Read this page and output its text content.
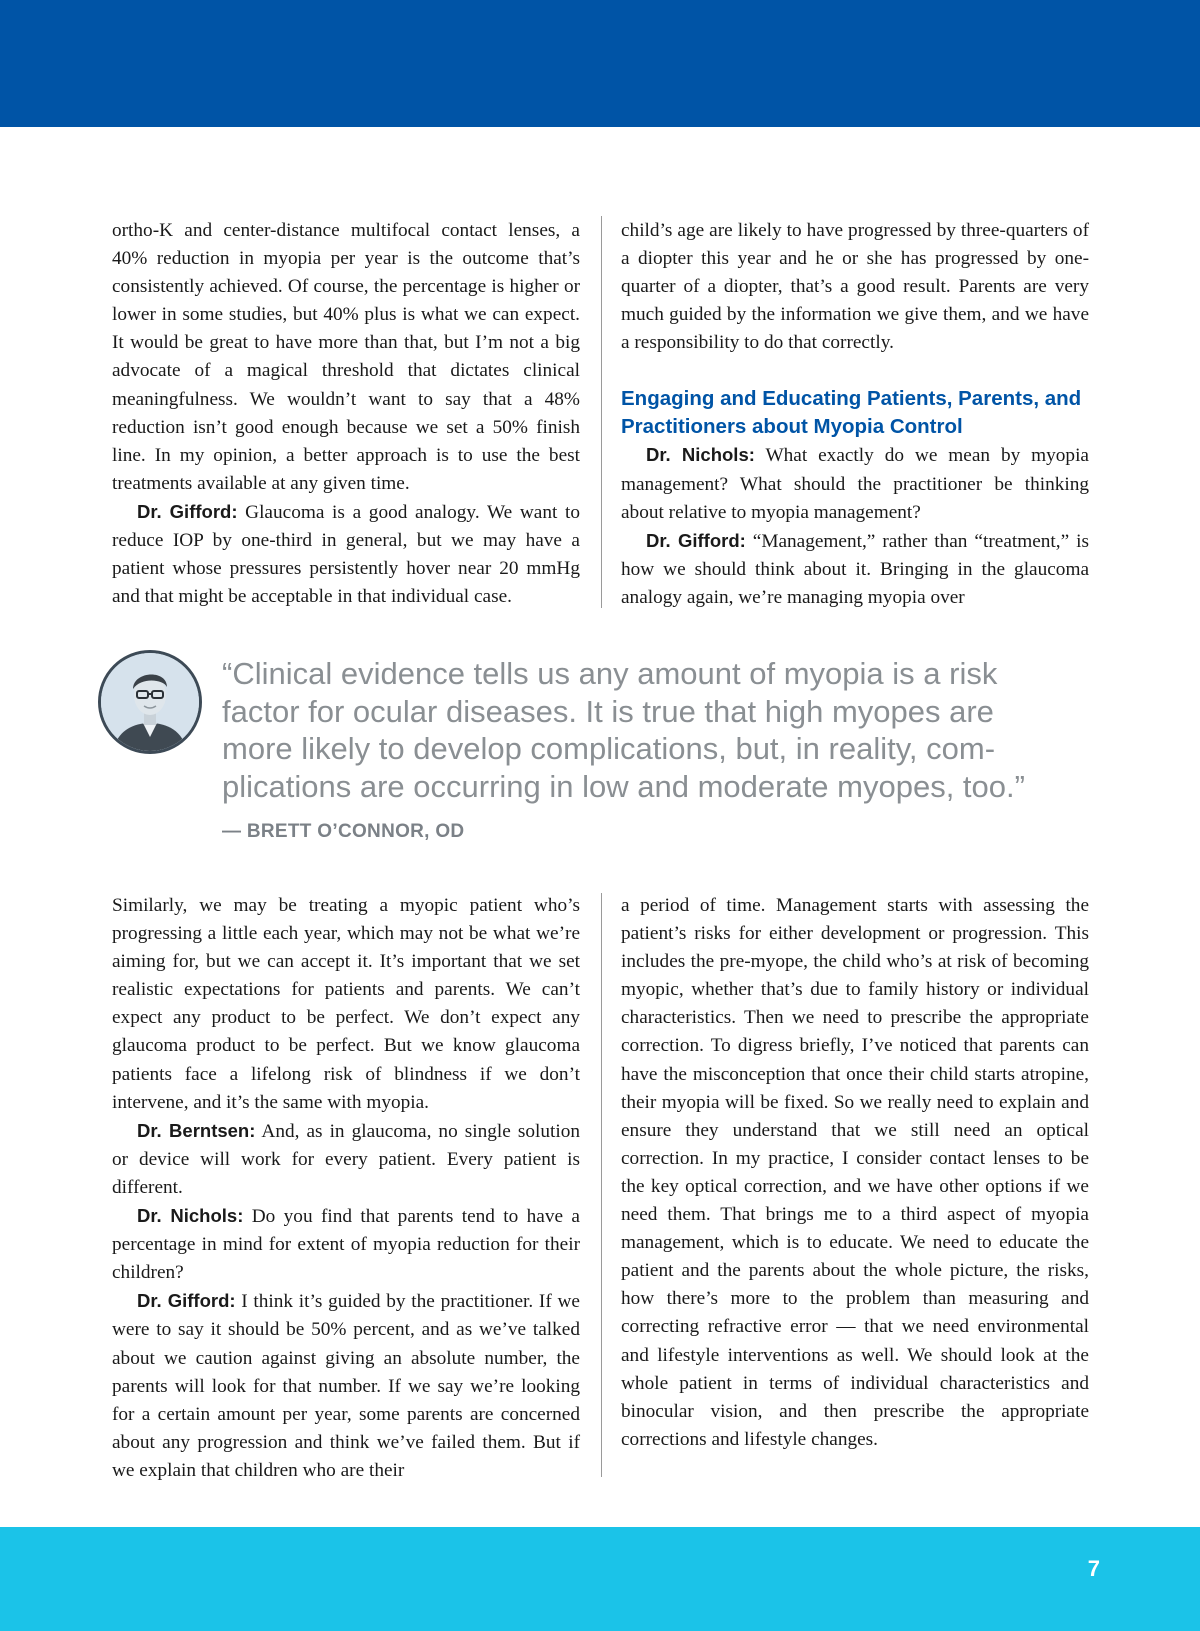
ortho-K and center-distance multifocal contact lenses, a 40% reduction in myopia per year is the outcome that’s consistently achieved. Of course, the percentage is higher or lower in some studies, but 40% plus is what we can expect. It would be great to have more than that, but I’m not a big advocate of a magical threshold that dictates clinical meaningfulness. We wouldn’t want to say that a 48% reduction isn’t good enough because we set a 50% finish line. In my opinion, a better approach is to use the best treatments available at any given time.

Dr. Gifford: Glaucoma is a good analogy. We want to reduce IOP by one-third in general, but we may have a patient whose pressures persistently hover near 20 mmHg and that might be acceptable in that individual case.

child’s age are likely to have progressed by three-quarters of a diopter this year and he or she has progressed by one-quarter of a diopter, that’s a good result. Parents are very much guided by the information we give them, and we have a responsibility to do that correctly.

Engaging and Educating Patients, Parents, and Practitioners about Myopia Control

Dr. Nichols: What exactly do we mean by myopia management? What should the practitioner be thinking about relative to myopia management?

Dr. Gifford: “Management,” rather than “treatment,” is how we should think about it. Bringing in the glaucoma analogy again, we’re managing myopia over

“Clinical evidence tells us any amount of myopia is a risk factor for ocular diseases. It is true that high myopes are more likely to develop complications, but, in reality, com-plications are occurring in low and moderate myopes, too.”

— BRETT O’CONNOR, OD

Similarly, we may be treating a myopic patient who’s progressing a little each year, which may not be what we’re aiming for, but we can accept it. It’s important that we set realistic expectations for patients and parents. We can’t expect any product to be perfect. We don’t expect any glaucoma product to be perfect. But we know glaucoma patients face a lifelong risk of blindness if we don’t intervene, and it’s the same with myopia.

Dr. Berntsen: And, as in glaucoma, no single solution or device will work for every patient. Every patient is different.

Dr. Nichols: Do you find that parents tend to have a percentage in mind for extent of myopia reduction for their children?

Dr. Gifford: I think it’s guided by the practitioner. If we were to say it should be 50% percent, and as we’ve talked about we caution against giving an absolute number, the parents will look for that number. If we say we’re looking for a certain amount per year, some parents are concerned about any progression and think we’ve failed them. But if we explain that children who are their

a period of time. Management starts with assessing the patient’s risks for either development or progression. This includes the pre-myope, the child who’s at risk of becoming myopic, whether that’s due to family history or individual characteristics. Then we need to prescribe the appropriate correction. To digress briefly, I’ve noticed that parents can have the misconception that once their child starts atropine, their myopia will be fixed. So we really need to explain and ensure they understand that we still need an optical correction. In my practice, I consider contact lenses to be the key optical correction, and we have other options if we need them. That brings me to a third aspect of myopia management, which is to educate. We need to educate the patient and the parents about the whole picture, the risks, how there’s more to the problem than measuring and correcting refractive error — that we need environmental and lifestyle interventions as well. We should look at the whole patient in terms of individual characteristics and binocular vision, and then prescribe the appropriate corrections and lifestyle changes.

7
